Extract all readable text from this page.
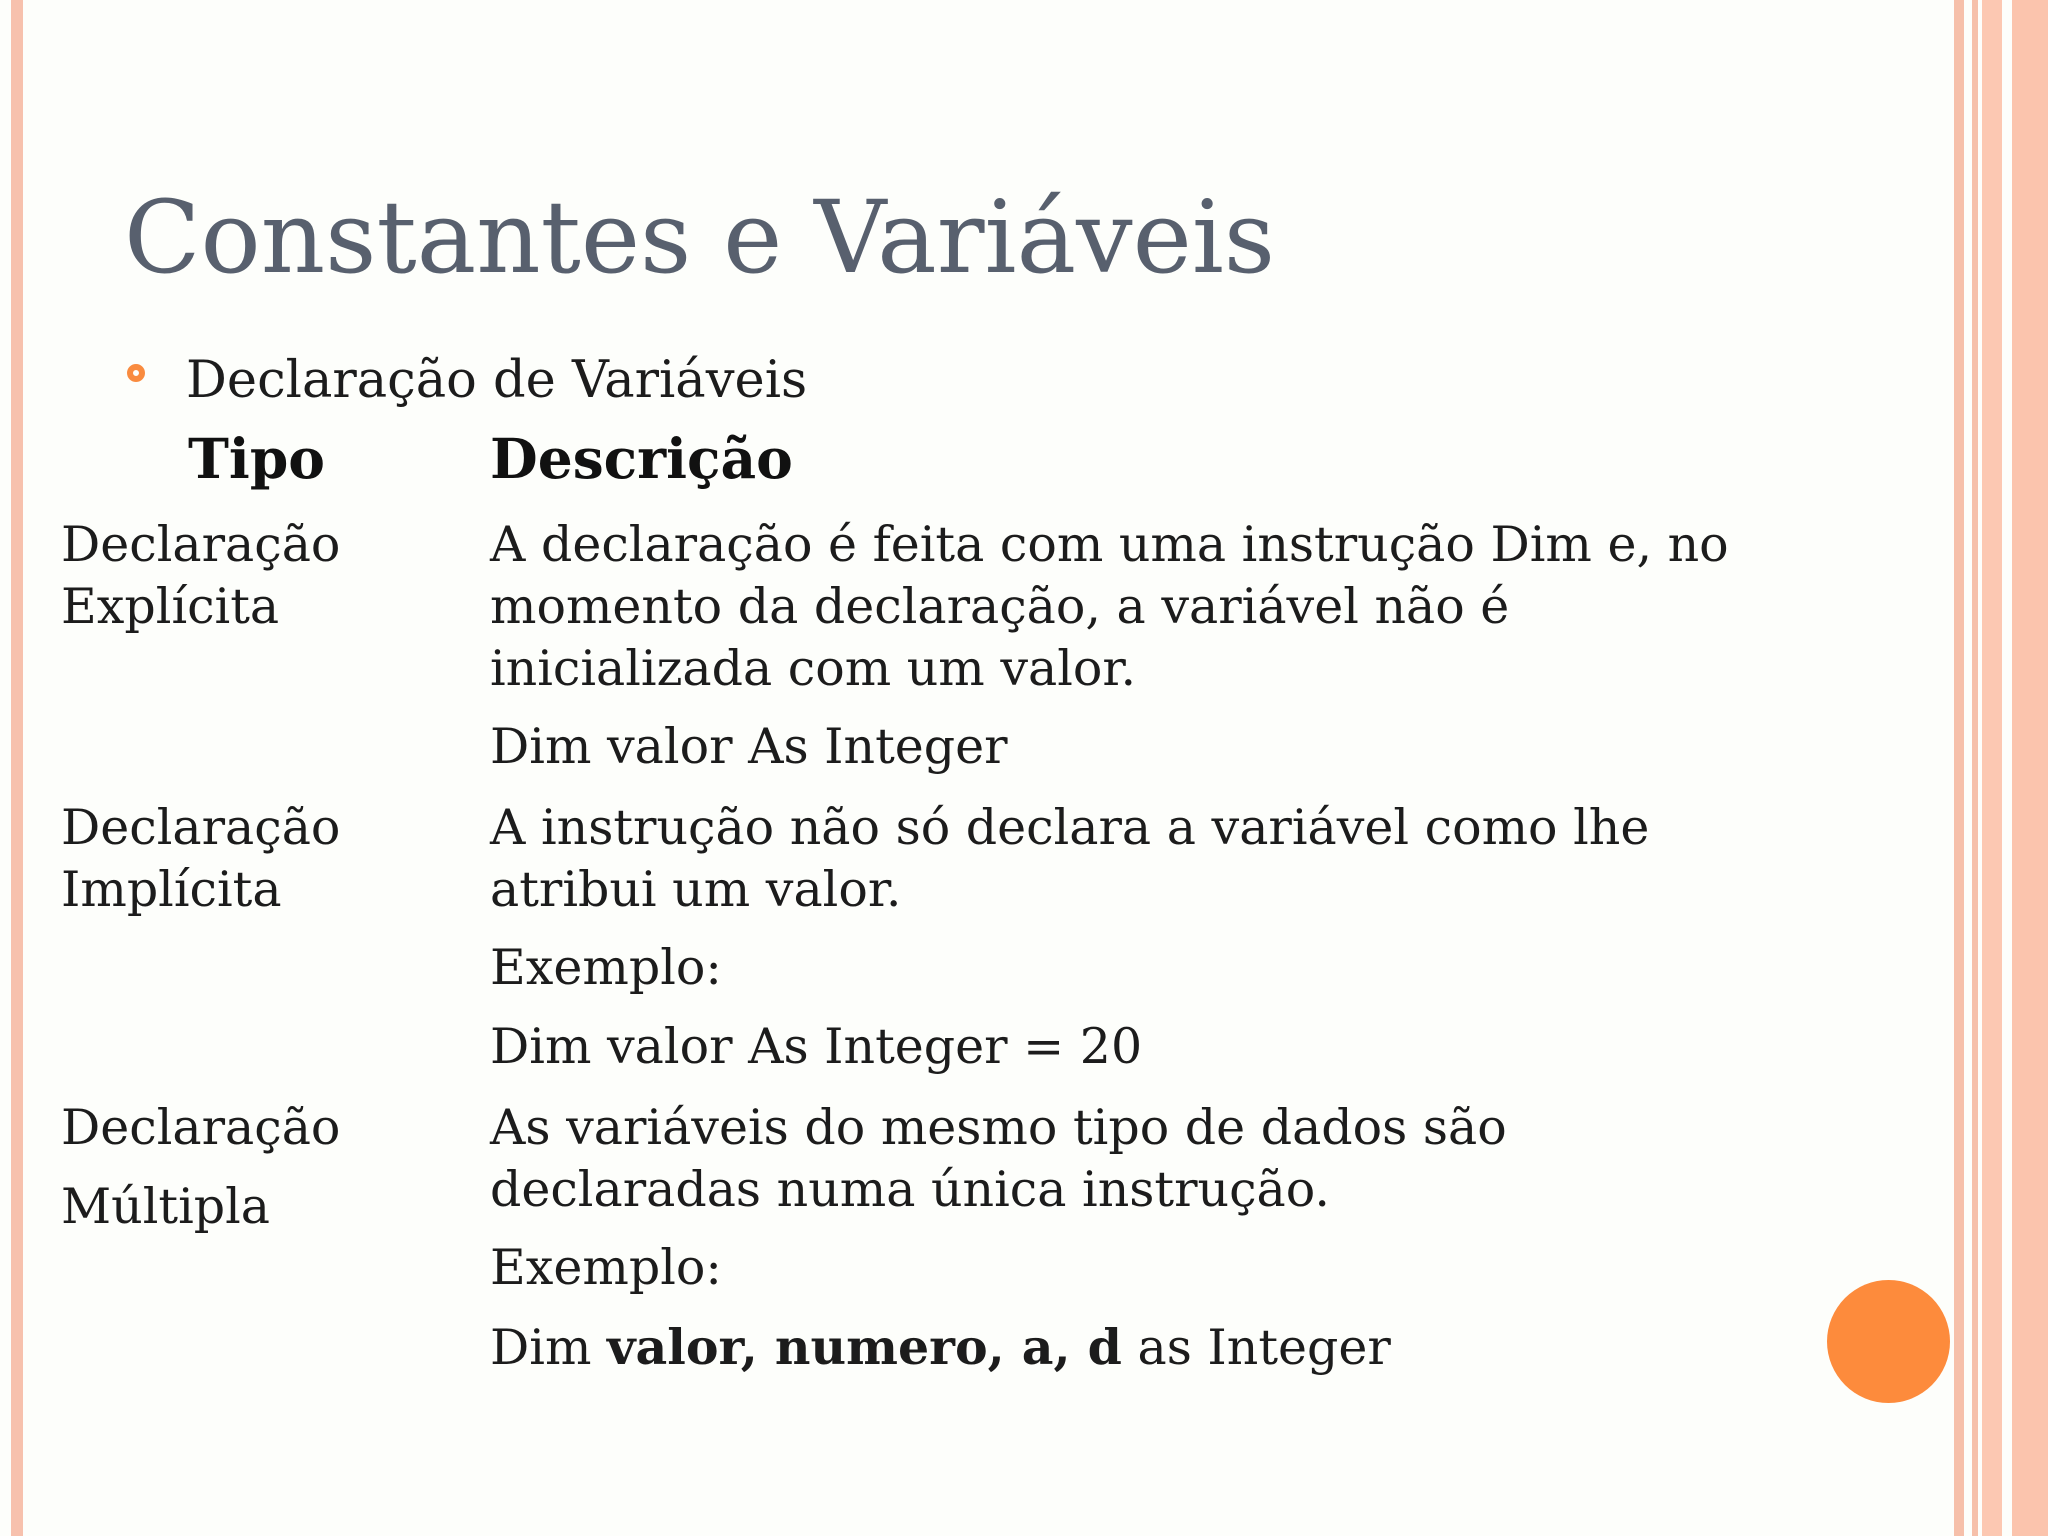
Constantes e Variáveis
Declaração de Variáveis
Tipo	Descrição
Declaração
Explícita
A declaração é feita com uma instrução Dim e, no
momento da declaração, a variável não é
inicializada com um valor.
Dim valor As Integer
Declaração
Implícita
A instrução não só declara a variável como lhe
atribui um valor.
Exemplo:
Dim valor As Integer = 20
Declaração
Múltipla
As variáveis do mesmo tipo de dados são
declaradas numa única instrução.
Exemplo:
Dim valor, numero, a, d as Integer
